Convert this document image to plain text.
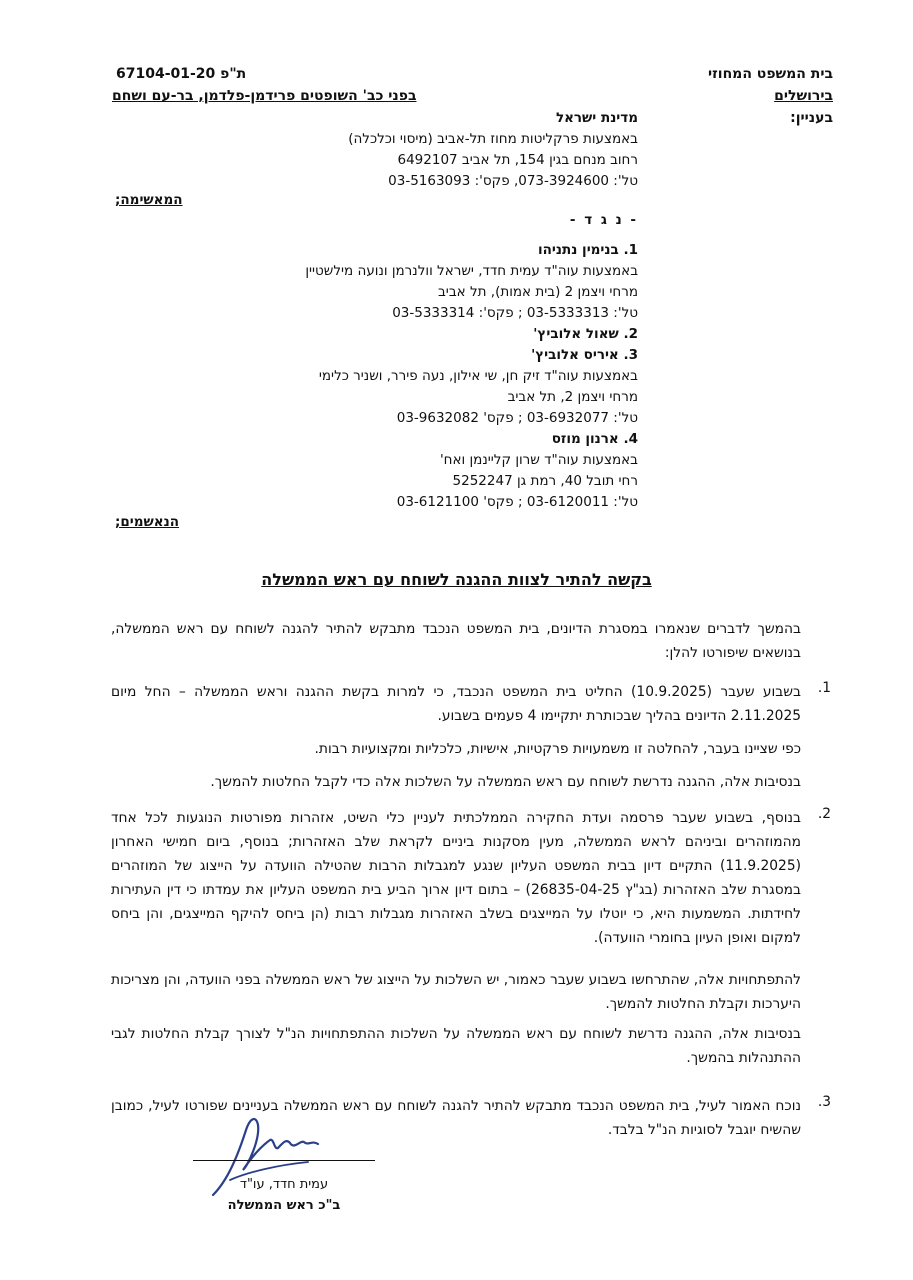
בית המשפט המחוזי
בירושלים
ת"פ 67104-01-20
בפני כב' השופטים פרידמן-פלדמן, בר-עם ושחם
בעניין:
מדינת ישראל
באמצעות פרקליטות מחוז תל-אביב (מיסוי וכלכלה)
רחוב מנחם בגין 154, תל אביב 6492107
טל': 073-3924600, פקס': 03-5163093
המאשימה;
- נ ג ד -
1. בנימין נתניהו
באמצעות עוה"ד עמית חדד, ישראל וולנרמן ונועה מילשטיין
מרחי ויצמן 2 (בית אמות), תל אביב
טל': 03-5333313 ; פקס': 03-5333314
2. שאול אלוביץ'
3. איריס אלוביץ'
באמצעות עוה"ד זיק חן, שי אילון, נעה פירר, ושניר כלימי
מרחי ויצמן 2, תל אביב
טל': 03-6932077 ; פקס' 03-9632082
4. ארנון מוזס
באמצעות עוה"ד שרון קליינמן ואח'
רחי תובל 40, רמת גן 5252247
טל': 03-6120011 ; פקס' 03-6121100
הנאשמים;
בקשה להתיר לצוות ההגנה לשוחח עם ראש הממשלה
בהמשך לדברים שנאמרו במסגרת הדיונים, בית המשפט הנכבד מתבקש להתיר להגנה לשוחח עם ראש הממשלה, בנושאים שיפורטו להלן:
1.
בשבוע שעבר (10.9.2025) החליט בית המשפט הנכבד, כי למרות בקשת ההגנה וראש הממשלה – החל מיום 2.11.2025 הדיונים בהליך שבכותרת יתקיימו 4 פעמים בשבוע.
כפי שציינו בעבר, להחלטה זו משמעויות פרקטיות, אישיות, כלכליות ומקצועיות רבות.
בנסיבות אלה, ההגנה נדרשת לשוחח עם ראש הממשלה על השלכות אלה כדי לקבל החלטות להמשך.
2.
בנוסף, בשבוע שעבר פרסמה ועדת החקירה הממלכתית לעניין כלי השיט, אזהרות מפורטות הנוגעות לכל אחד מהמוזהרים וביניהם לראש הממשלה, מעין מסקנות ביניים לקראת שלב האזהרות; בנוסף, ביום חמישי האחרון (11.9.2025) התקיים דיון בבית המשפט העליון שנגע למגבלות הרבות שהטילה הוועדה על הייצוג של המוזהרים במסגרת שלב האזהרות (בג"ץ 26835-04-25) – בתום דיון ארוך הביע בית המשפט העליון את עמדתו כי דין העתירות לחידתות. המשמעות היא, כי יוטלו על המייצגים בשלב האזהרות מגבלות רבות (הן ביחס להיקף המייצגים, והן ביחס למקום ואופן העיון בחומרי הוועדה).
להתפתחויות אלה, שהתרחשו בשבוע שעבר כאמור, יש השלכות על הייצוג של ראש הממשלה בפני הוועדה, והן מצריכות היערכות וקבלת החלטות להמשך.
בנסיבות אלה, ההגנה נדרשת לשוחח עם ראש הממשלה על השלכות ההתפתחויות הנ"ל לצורך קבלת החלטות לגבי ההתנהלות בהמשך.
3.
נוכח האמור לעיל, בית המשפט הנכבד מתבקש להתיר להגנה לשוחח עם ראש הממשלה בעניינים שפורטו לעיל, כמובן שהשיח יוגבל לסוגיות הנ"ל בלבד.
עמית חדד, עו"ד
ב"כ ראש הממשלה
